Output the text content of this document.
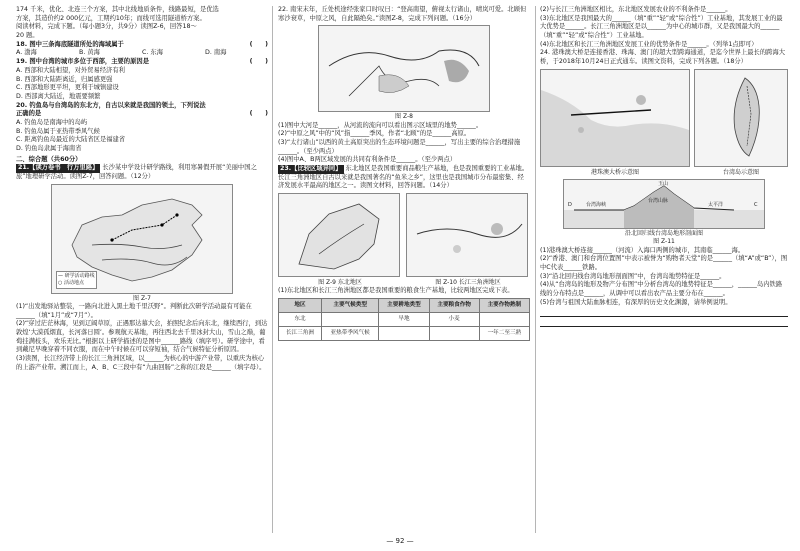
174 千米，优化、北连三个方案，其中北线地质条件，线路最短，是优选

方案，其造价约2 000亿元，工期约10年；而线可选用隧道桥方案。

阅读材料，完成下题。（每小题3分，共9分）读图Z-6，回答18～

20 题。

18. 图中三条海底隧道所处的海域属于	(　　)

A. 渤海	B. 黄海	C. 东海	D. 南海

19. 图中台湾的城市多位于西部，主要的原因是	(　　)

A. 西部和大陆相望，对外贸易经济有利

B. 西部和大陆距离近，归属感更强

C. 西部地形更平坦，更利于城镇建设

D. 西部离大陆近，地震要频繁

20. 钓鱼岛与台湾岛的东北方，自古以来就是我国的领土，下列说法

正确的是	(　　)

A. 钓鱼岛是南海中的岛屿

B. 钓鱼岛属于亚热带季风气候

C. 距离钓鱼岛最近的大陆省区是福建省

D. 钓鱼岛隶属于海南省

二、综合题（共60分）

21.【读万卷书　行万里路】 长沙某中学设计研学路线，利用寒暑假开展“美丽中国之旅”地理研学活动。读图Z-7，回答问题。（12分）

— 研学活动路线
○ 活动地点

图 Z-7

(1)“出发地驿站整装，一路向北进入黑土地千里沃野”。判断此次研学活动最有可能在______（填“1月”或“7月”）。

(2)“穿过茫茫林海，见到辽阔草原，正遇那达慕大会，拍照纪念后向东北，继续西行，到达敦煌‘大漠孤烟直，长河落日圆’。参观航天基地，再往西北去千里冰封大山，雪山之巅，葡萄挂满枝头，欢乐无比。”根据以上研学描述的是图中______路线（填序号）。研学途中，看到戴尼早晚穿着不同衣服，而在中午时候在可以穿短袖，结合气候特征分析原因。

(3)读图，长江经济带上的长江三角洲区域，以______为核心的中游产业带，以重庆为核心的上游产业带。溯江而上，A、B、C三段中有“九曲回肠”之称的江段是______（填字母）。

22. 南宋末年，丘处机途经张家口时叹曰：“登高南望，俯视太行诸山，晴岚可爱。北顾但寒沙衰草，中原之风，自此隔绝矣。”读图Z-8，完成下列问题。（16分）

图 Z-8

(1)图中大河是______，从河流的流向可以看出图示区域里的地势______。

(2)“中原之风”中的“风”指______季风，作者“北顾”的是______高原。

(3)“太行诸山”以西的黄土高原突出的生态环境问题是______，写出主要的综合治理措施______。（至少两点）

(4)图中A、B两区域发展的共同有利条件是______。（至少两点）

23.【比较区域异同】 东北地区是我国重要商品粮生产基地，也是我国重要的工业基地。长江三角洲地区自古以来就是我国著名的“鱼米之乡”，这里也是我国城市分布最密集、经济发展水平最高的地区之一。读图文材料，回答问题。（14分）

图 Z-9 东北地区	图 Z-10 长江三角洲地区

(1)东北地区和长江三角洲地区都是我国重要的粮食生产基地，比较两地区完成下表。

地区	主要气候类型	主要耕地类型	主要粮食作物	主要作物熟制
东北		旱地	小麦	
长江三角洲	亚热带季风气候			一年二至三熟

(2)与长江三角洲地区相比，东北地区发展农业的不利条件是______。

(3)东北地区是我国最大的______（填“重”“轻”或“综合性”）工业基地，其发展工业的最大优势是______。长江三角洲地区是以______为中心的城市群，又是我国最大的______（填“重”“轻”或“综合性”）工业基地。

(4)东北地区和长江三角洲地区发展工业的优势条件是______。（列举1点即可）

24. 港珠澳大桥是连接香港、珠海、澳门的超大型跨海通道，是迄今世界上最长的跨海大桥，于2018年10月24日正式通车。读图文资料，完成下列各题。（18分）

港珠澳大桥示意图	台湾岛示意图

D	台湾海峡
玉山
台湾山脉
太平洋	C

沿北回归线台湾岛地形剖面图

图 Z-11

(1)港珠澳大桥连接______（河流）入海口两侧的城市，其南临______海。

(2)“香港、澳门和台湾位置图”中表示被誉为“购物者天堂”的是______（填“A”或“B”），图中C代表______铁路。

(3)“沿北回归线台湾岛地形剖面图”中，台湾岛地势特征是______。

(4)从“台湾岛的地形及物产分布图”中分析台湾岛的地势特征是______，______岛内铁路线的分布特点是______，从调中可以看出农产品主要分布在______。

(5)台湾与祖国大陆血脉相连，有深厚的历史文化渊源，请举例说明。

— 92 —
